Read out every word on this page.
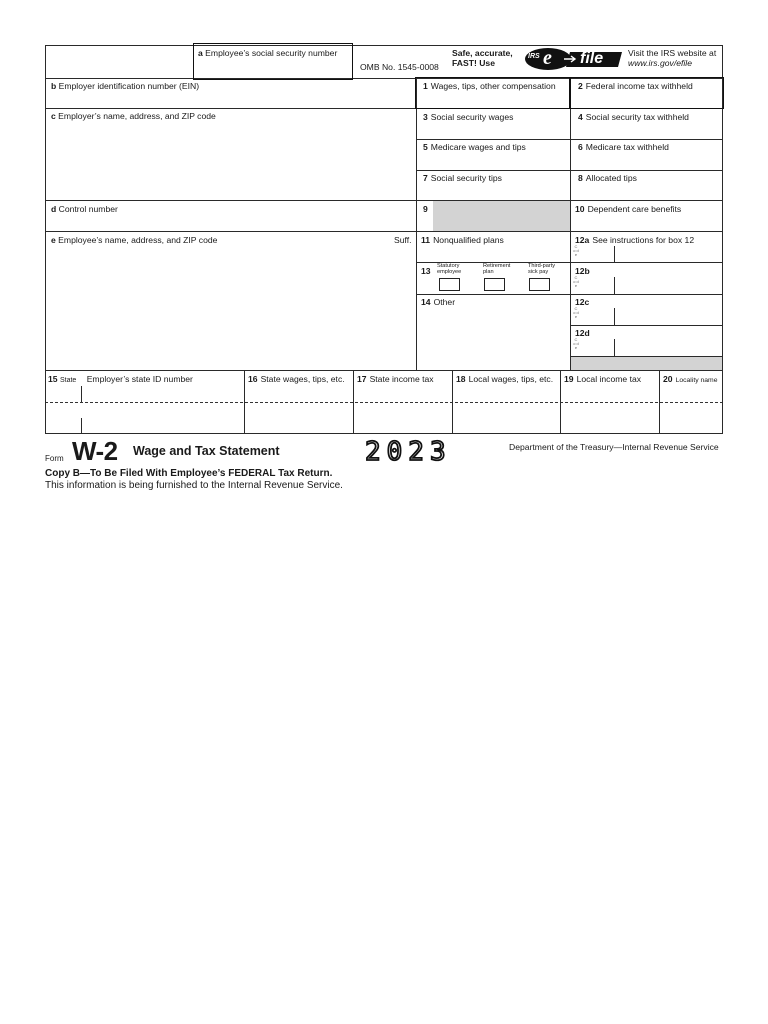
a Employee’s social security number
OMB No. 1545-0008
Safe, accurate,
FAST! Use
IRS e file	Visit the IRS website at
www.irs.gov/efile
b Employer identification number (EIN)
c Employer’s name, address, and ZIP code
d Control number
e Employee’s name, address, and ZIP code	Suff.
1 Wages, tips, other compensation	2 Federal income tax withheld
3 Social security wages	4 Social security tax withheld
5 Medicare wages and tips	6 Medicare tax withheld
7 Social security tips	8 Allocated tips
9	10 Dependent care benefits
11 Nonqualified plans	12a See instructions for box 12
12b
12c
12d
C o d e
C o d e
C o d e
C o d e
13 Statutory employee
Retirement plan
Third-party sick pay
14 Other
15 State Employer’s state ID number	16 State wages, tips, etc. 17 State income tax	18 Local wages, tips, etc. 19 Local income tax	20 Locality name
Form W-2 Wage and Tax Statement	2023	Department of the Treasury—Internal Revenue Service
Copy B—To Be Filed With Employee’s FEDERAL Tax Return.
This information is being furnished to the Internal Revenue Service.
